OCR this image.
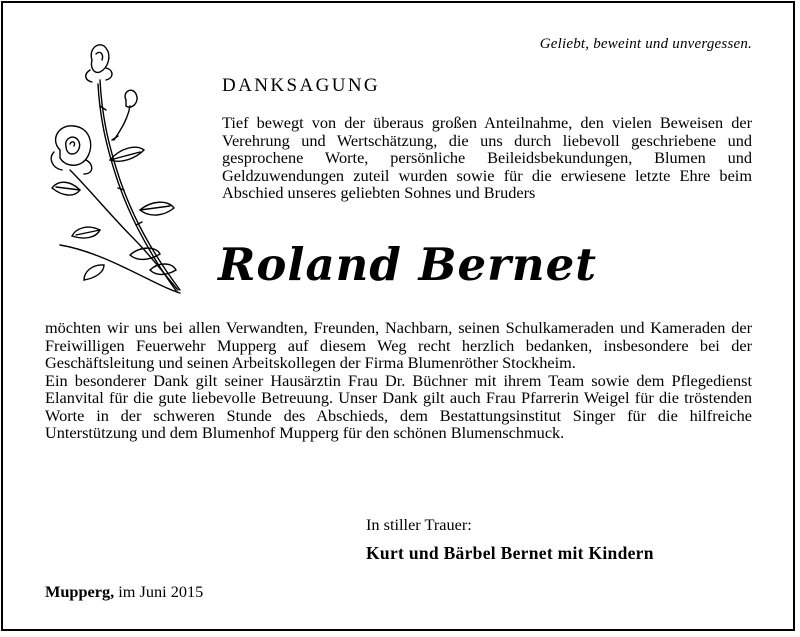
Geliebt, beweint und unvergessen.
DANKSAGUNG
Tief bewegt von der überaus großen Anteilnahme, den vielen Beweisen der Verehrung und Wertschätzung, die uns durch liebevoll geschriebene und gesprochene Worte, persönliche Beileidsbekundungen, Blumen und Geldzuwendungen zuteil wurden sowie für die erwiesene letzte Ehre beim Abschied unseres geliebten Sohnes und Bruders
Roland Bernet

möchten wir uns bei allen Verwandten, Freunden, Nachbarn, seinen Schulkameraden und Kameraden der Freiwilligen Feuerwehr Mupperg auf diesem Weg recht herzlich bedanken, insbesondere bei der Geschäftsleitung und seinen Arbeitskollegen der Firma Blumenröther Stockheim.

Ein besonderer Dank gilt seiner Hausärztin Frau Dr. Büchner mit ihrem Team sowie dem Pflegedienst Elanvital für die gute liebevolle Betreuung. Unser Dank gilt auch Frau Pfarrerin Weigel für die tröstenden Worte in der schweren Stunde des Abschieds, dem Bestattungsinstitut Singer für die hilfreiche Unterstützung und dem Blumenhof Mupperg für den schönen Blumenschmuck.

In stiller Trauer:
Kurt und Bärbel Bernet mit Kindern
Mupperg, im Juni 2015
